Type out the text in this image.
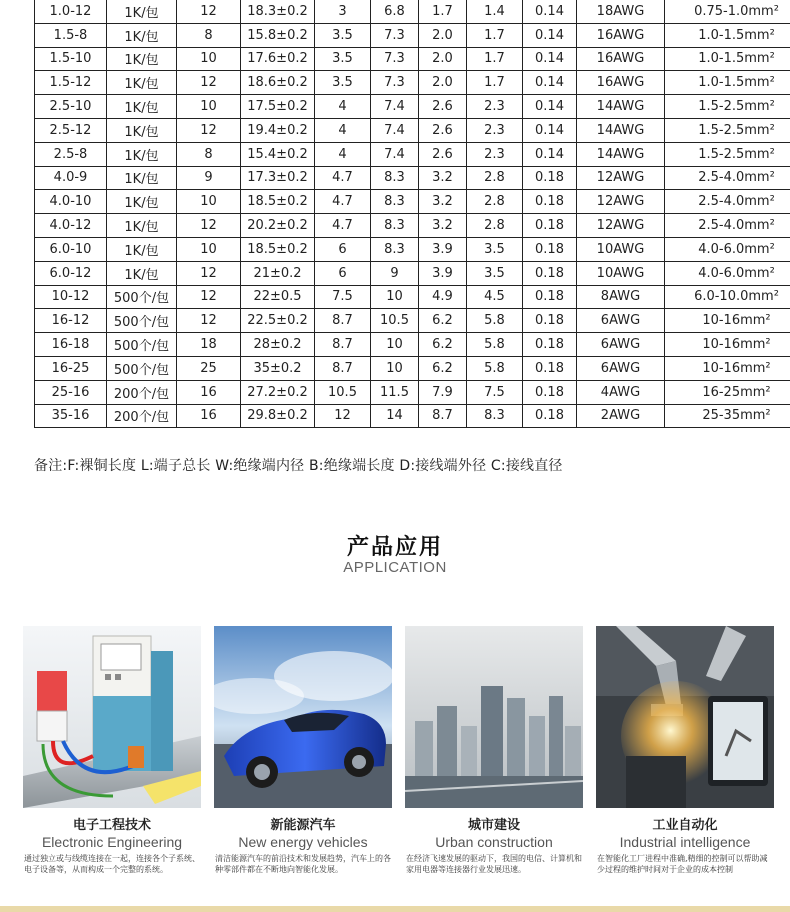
1.0-12	1K/包	12	18.3±0.2	3	6.8	1.7	1.4	0.14	18AWG	0.75-1.0mm²
1.5-8	1K/包	8	15.8±0.2	3.5	7.3	2.0	1.7	0.14	16AWG	1.0-1.5mm²
1.5-10	1K/包	10	17.6±0.2	3.5	7.3	2.0	1.7	0.14	16AWG	1.0-1.5mm²
1.5-12	1K/包	12	18.6±0.2	3.5	7.3	2.0	1.7	0.14	16AWG	1.0-1.5mm²
2.5-10	1K/包	10	17.5±0.2	4	7.4	2.6	2.3	0.14	14AWG	1.5-2.5mm²
2.5-12	1K/包	12	19.4±0.2	4	7.4	2.6	2.3	0.14	14AWG	1.5-2.5mm²
2.5-8	1K/包	8	15.4±0.2	4	7.4	2.6	2.3	0.14	14AWG	1.5-2.5mm²
4.0-9	1K/包	9	17.3±0.2	4.7	8.3	3.2	2.8	0.18	12AWG	2.5-4.0mm²
4.0-10	1K/包	10	18.5±0.2	4.7	8.3	3.2	2.8	0.18	12AWG	2.5-4.0mm²
4.0-12	1K/包	12	20.2±0.2	4.7	8.3	3.2	2.8	0.18	12AWG	2.5-4.0mm²
6.0-10	1K/包	10	18.5±0.2	6	8.3	3.9	3.5	0.18	10AWG	4.0-6.0mm²
6.0-12	1K/包	12	21±0.2	6	9	3.9	3.5	0.18	10AWG	4.0-6.0mm²
10-12	500个/包	12	22±0.5	7.5	10	4.9	4.5	0.18	8AWG	6.0-10.0mm²
16-12	500个/包	12	22.5±0.2	8.7	10.5	6.2	5.8	0.18	6AWG	10-16mm²
16-18	500个/包	18	28±0.2	8.7	10	6.2	5.8	0.18	6AWG	10-16mm²
16-25	500个/包	25	35±0.2	8.7	10	6.2	5.8	0.18	6AWG	10-16mm²
25-16	200个/包	16	27.2±0.2	10.5	11.5	7.9	7.5	0.18	4AWG	16-25mm²
35-16	200个/包	16	29.8±0.2	12	14	8.7	8.3	0.18	2AWG	25-35mm²
备注:F:裸铜长度 L:端子总长 W:绝缘端内径 B:绝缘端长度 D:接线端外径 C:接线直径
产品应用
APPLICATION
电子工程技术
Electronic Engineering
通过独立或与线缆连接在一起，连接各个子系统、电子设备等，从而构成一个完整的系统。
新能源汽车
New energy vehicles
清洁能源汽车的前沿技术和发展趋势，汽车上的各种零部件都在不断地向智能化发展。
城市建设
Urban construction
在经济飞速发展的驱动下，我国的电信、计算机和家用电器等连接器行业发展迅速。
工业自动化
Industrial intelligence
在智能化工厂进程中准确,精细的控制可以帮助减少过程的维护时间对于企业的成本控制
